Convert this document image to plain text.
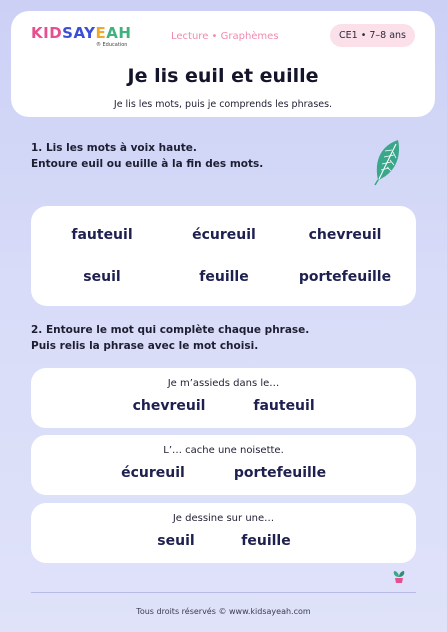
KIDSAYEAH
® Education
Lecture • Graphèmes	CE1 • 7–8 ans
Je lis euil et euille
Je lis les mots, puis je comprends les phrases.
1. Lis les mots à voix haute.
Entoure euil ou euille à la fin des mots.
fauteuil	écureuil	chevreuil
seuil	feuille	portefeuille
2. Entoure le mot qui complète chaque phrase.
Puis relis la phrase avec le mot choisi.
Je m’assieds dans le…
chevreuil	fauteuil
L’… cache une noisette.
écureuil	portefeuille
Je dessine sur une…
seuil	feuille
Tous droits réservés © www.kidsayeah.com
